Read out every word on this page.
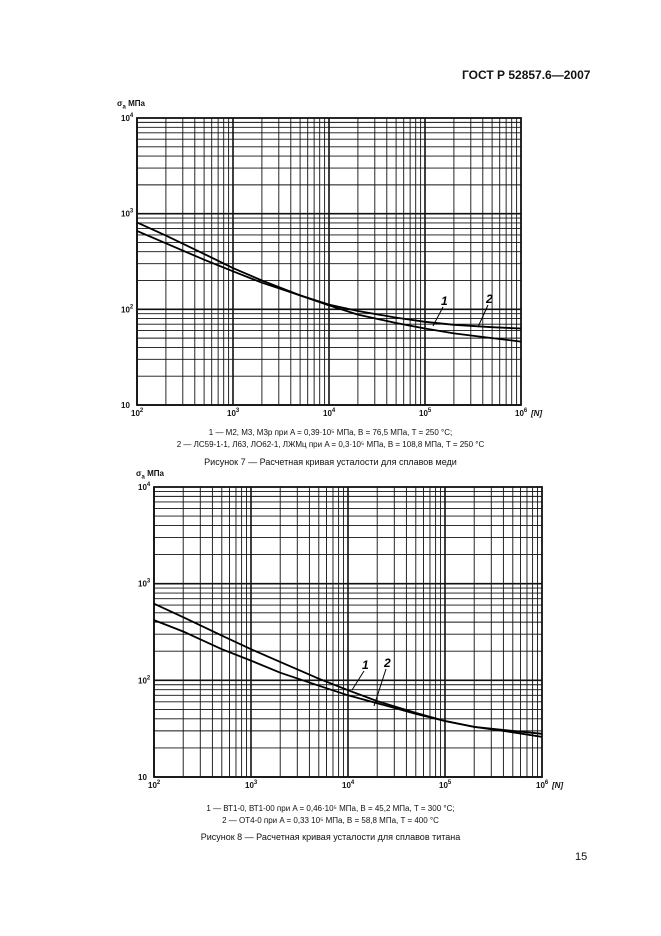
ГОСТ Р 52857.6—2007
$\sigma_a$ МПа
$\sigma_a$ МПа
$10^2$	$10^3$	$10^4$	$10^5$	$10^6$ [N]
10
$10^2$
$10^3$
$10^4$
1	2
$10^2$	$10^3$	$10^4$	$10^5$	$10^6$ [N]
10
$10^2$
$10^3$
$10^4$
1 2
1 — М2, М3, М3р при A = 0,39·10⁵ МПа, B = 76,5 МПа, T = 250 °С;
2 — ЛС59-1-1, Л63, ЛО62-1, ЛЖМц при A = 0,3·10⁵ МПа, B = 108,8 МПа, T = 250 °С
Рисунок 7 — Расчетная кривая усталости для сплавов меди
1 — ВТ1-0, ВТ1-00 при A = 0,46·10⁵ МПа, B = 45,2 МПа, T = 300 °С;
2 — ОТ4-0 при A = 0,33 10⁵ МПа, B = 58,8 МПа, T = 400 °С
Рисунок 8 — Расчетная кривая усталости для сплавов титана
15
